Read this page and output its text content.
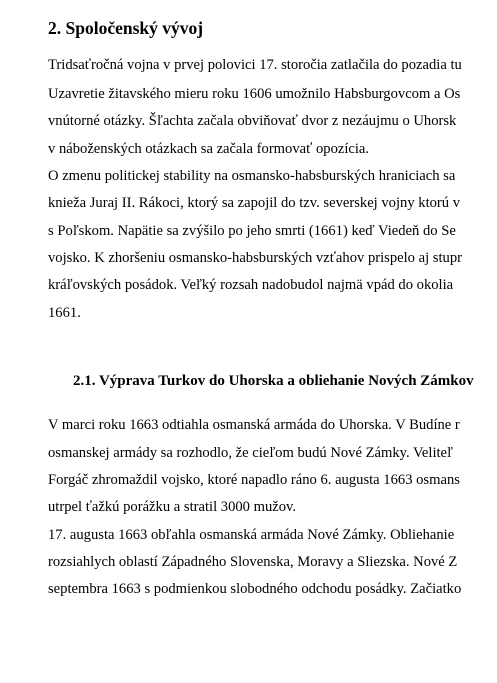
2. Spoločenský vývoj
Tridsaťročná vojna v prvej polovici 17. storočia zatlačila do pozadia tu
Uzavretie žitavského mieru roku 1606 umožnilo Habsburgovcom a Os
vnútorné otázky. Šľachta začala obviňovať dvor z nezáujmu o Uhorsk
v náboženských otázkach sa začala formovať opozícia.
O zmenu politickej stability na osmansko-habsburských hraniciach sa
knieža Juraj II. Rákoci, ktorý sa zapojil do tzv. severskej vojny ktorú v
s Poľskom. Napätie sa zvýšilo po jeho smrti (1661) keď Viedeň do Se
vojsko. K zhoršeniu osmansko-habsburských vzťahov prispelo aj stupr
kráľovských posádok. Veľký rozsah nadobudol najmä vpád do okolia
1661.
2.1. Výprava Turkov do Uhorska a obliehanie Nových Zámkov
V marci roku 1663 odtiahla osmanská armáda do Uhorska. V Budíne r
osmanskej armády sa rozhodlo, že cieľom budú Nové Zámky. Veliteľ
Forgáč zhromaždil vojsko, ktoré napadlo ráno 6. augusta 1663 osmans
utrpel ťažkú porážku a stratil 3000 mužov.
17. augusta 1663 obľahla osmanská armáda Nové Zámky. Obliehanie
rozsiahlych oblastí Západného Slovenska, Moravy a Sliezska. Nové Z
septembra 1663 s podmienkou slobodného odchodu posádky. Začiatko
